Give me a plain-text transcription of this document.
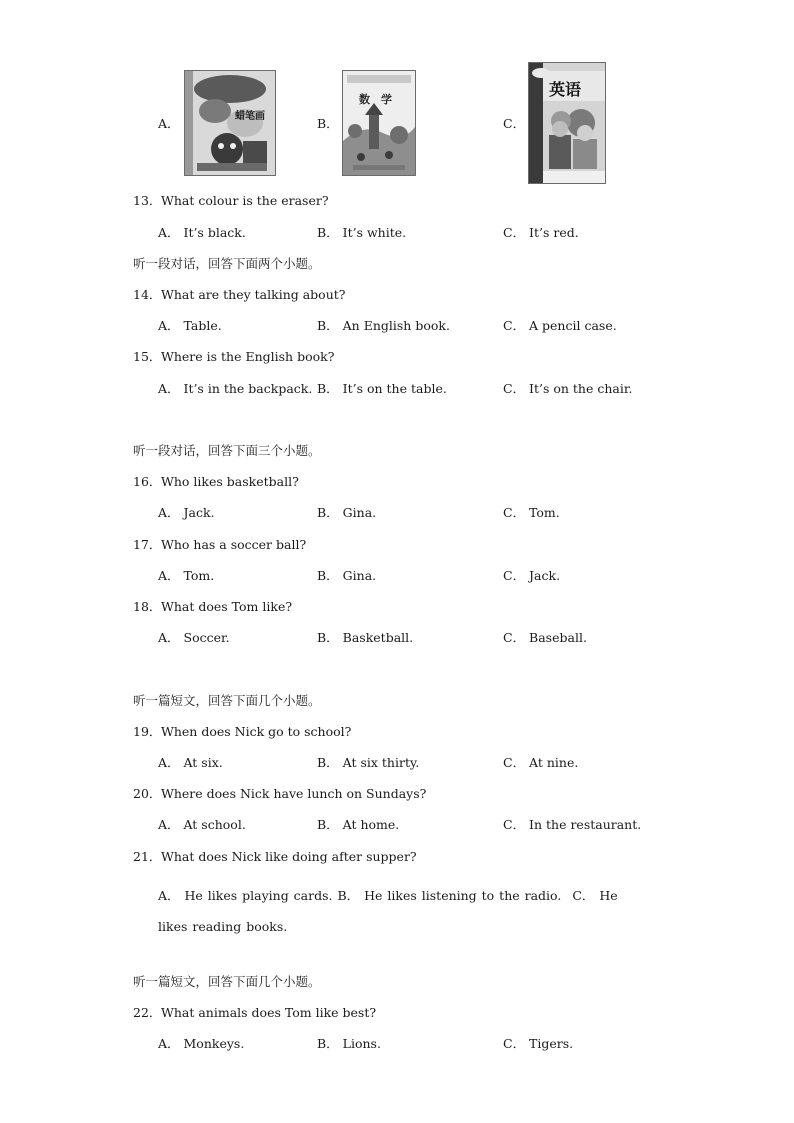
A．	蜡笔画	B．
数　学
C．
英语
13． What colour is the eraser?
A． It’s black.	B． It’s white.	C． It’s red.
听一段对话，回答下面两个小题。
14． What are they talking about?
A． Table.	B． An English book.	C． A pencil case.
15． Where is the English book?
A． It’s in the backpack. B． It’s on the table.	C． It’s on the chair.
听一段对话，回答下面三个小题。
16． Who likes basketball?
A． Jack.	B． Gina.	C． Tom.
17． Who has a soccer ball?
A． Tom.	B． Gina.	C． Jack.
18． What does Tom like?
A． Soccer.	B． Basketball.	C． Baseball.
听一篇短文，回答下面几个小题。
19． When does Nick go to school?
A． At six.	B． At six thirty.	C． At nine.
20． Where does Nick have lunch on Sundays?
A． At school.	B． At home.	C． In the restaurant.
21． What does Nick like doing after supper?
A． He likes playing cards. B． He likes listening to the radio. C． He likes reading books.
听一篇短文，回答下面几个小题。
22． What animals does Tom like best?
A． Monkeys.	B． Lions.	C． Tigers.
